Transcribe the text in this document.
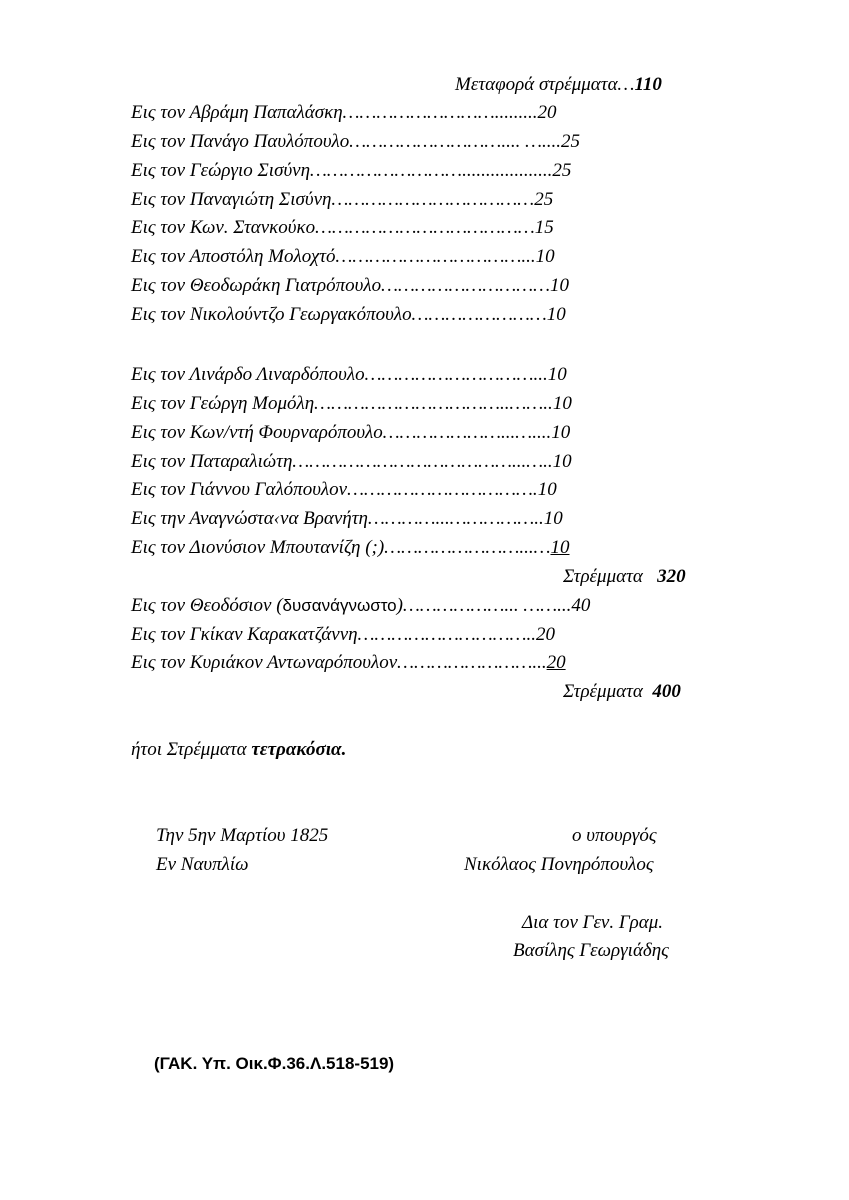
Μεταφορά στρέμματα…110
Εις τον Αβράμη Παπαλάσκη……………………….........20
Εις τον Πανάγο Παυλόπουλο……………………….... …....25
Εις τον Γεώργιο Σισύνη………………………...................25
Εις τον Παναγιώτη Σισύνη………………………………25
Εις τον Κων. Στανκούκο…………………………………15
Εις τον Αποστόλη Μολοχτό……………………………...10
Εις τον Θεοδωράκη Γιατρόπουλο…………………………10
Εις τον Νικολούντζο Γεωργακόπουλο……………………10
Εις τον Λινάρδο Λιναρδόπουλο…………………………...10
Εις τον Γεώργη Μομόλη……………………………..……..10
Εις τον Κων/ντή Φουρναρόπουλο…………………...…....10
Εις τον Παταραλιώτη…………………………………...…..10
Εις τον Γιάννου Γαλόπουλον…………………………….10
Εις την Αναγνώστα‹να Βρανήτη…………...……………..10
Εις τον Διονύσιον Μπουτανίζη (;)……………………...…10
Στρέμματα 320
Εις τον Θεοδόσιον (δυσανάγνωστο)………………... ……...40
Εις τον Γκίκαν Καρακατζάννη…………………………..20
Εις τον Κυριάκον Αντωναρόπουλον……………………...20
Στρέμματα 400
ήτοι Στρέμματα τετρακόσια.
Την 5ην Μαρτίου 1825
Εν Ναυπλίω
ο υπουργός
Νικόλαος Πονηρόπουλος
Δια τον Γεν. Γραμ.
Βασίλης Γεωργιάδης
(ΓΑΚ. Υπ. Οικ.Φ.36.Λ.518-519)
